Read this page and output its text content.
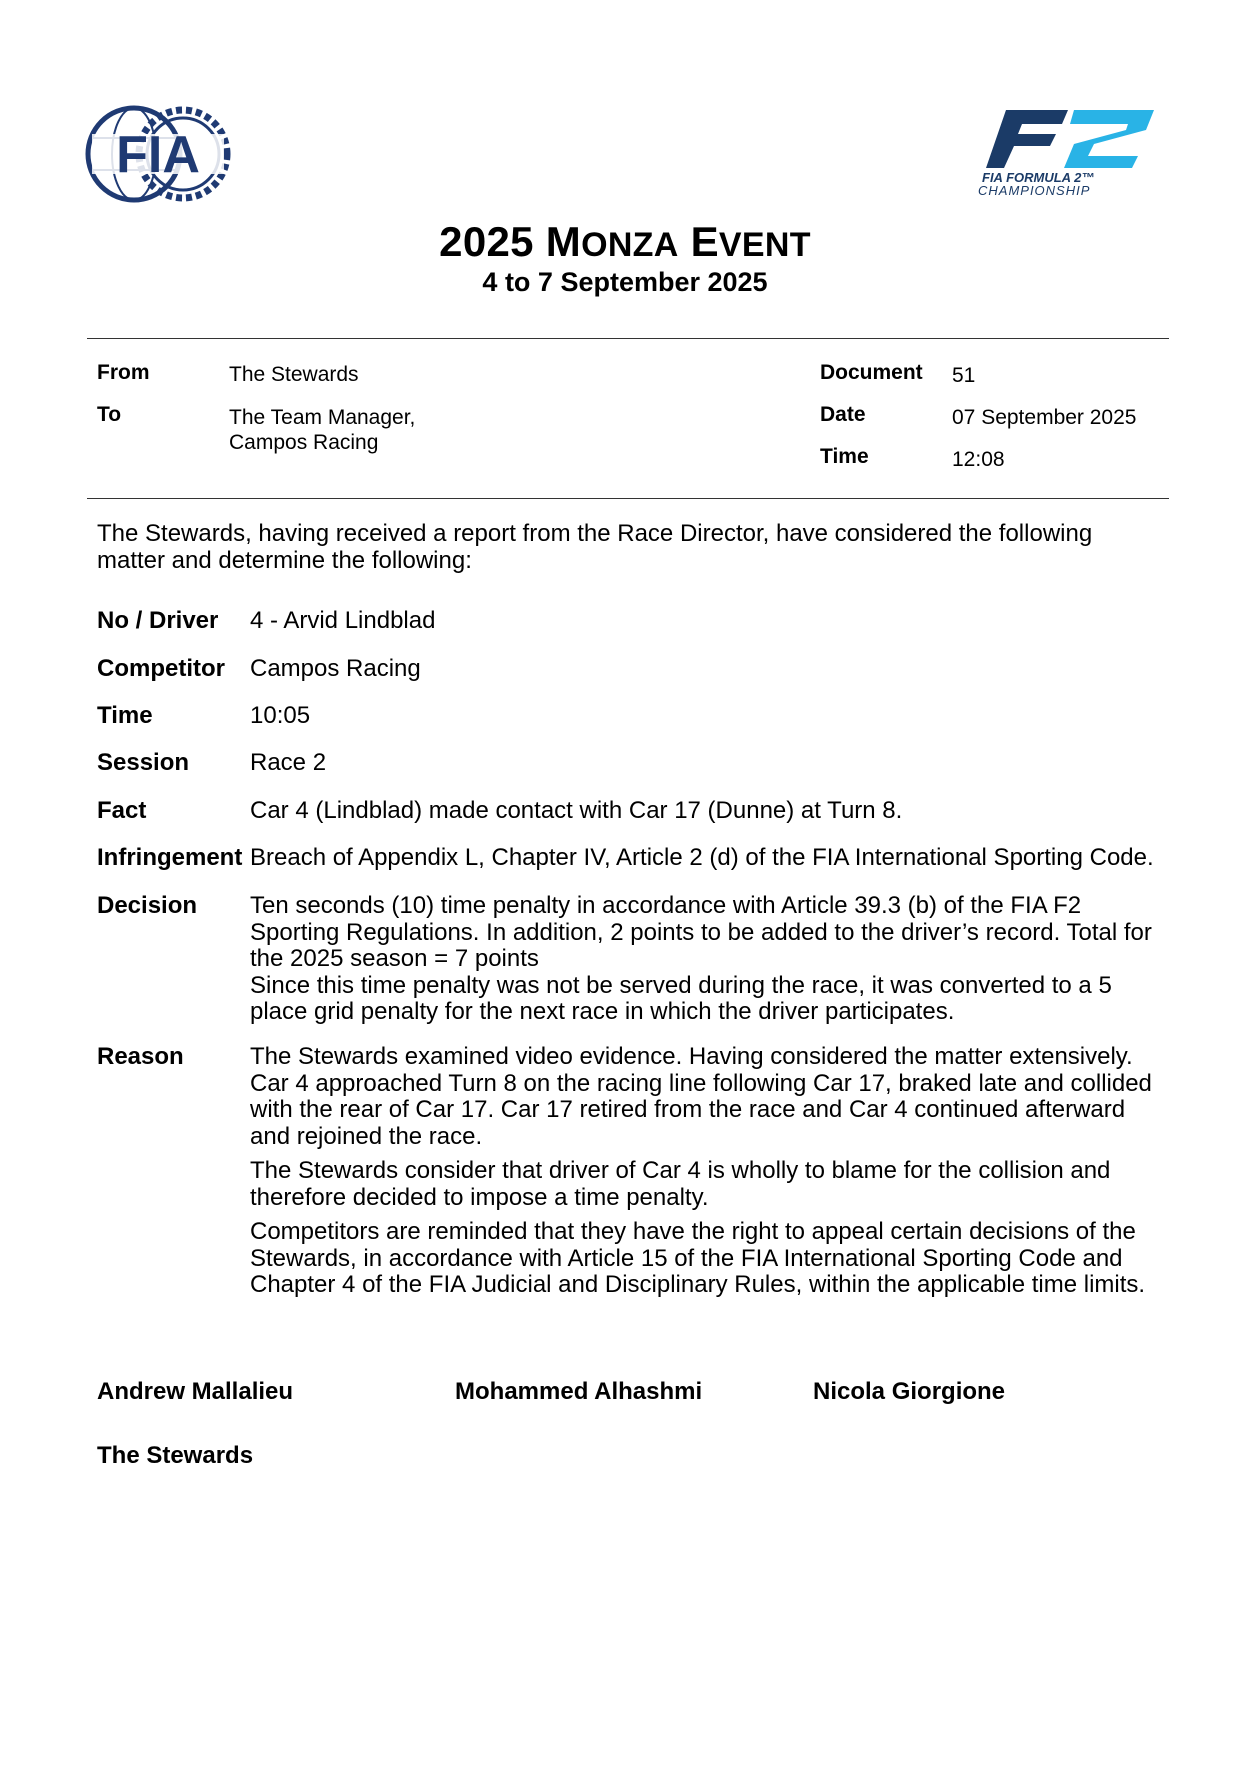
FIA	FIA FORMULA 2™
CHAMPIONSHIP
2025 MONZA EVENT
4 to 7 September 2025
From	The Stewards
To	The Team Manager,
Campos Racing
Document 51
Date	07 September 2025
Time	12:08
The Stewards, having received a report from the Race Director, have considered the following matter and determine the following:
No / Driver 4 - Arvid Lindblad
Competitor Campos Racing
Time	10:05
Session	Race 2
Fact	Car 4 (Lindblad) made contact with Car 17 (Dunne) at Turn 8.
Infringement Breach of Appendix L, Chapter IV, Article 2 (d) of the FIA International Sporting Code.
Decision Ten seconds (10) time penalty in accordance with Article 39.3 (b) of the FIA F2
Sporting Regulations. In addition, 2 points to be added to the driver’s record. Total for
the 2025 season = 7 points
Since this time penalty was not be served during the race, it was converted to a 5
place grid penalty for the next race in which the driver participates.
Reason	The Stewards examined video evidence. Having considered the matter extensively.
Car 4 approached Turn 8 on the racing line following Car 17, braked late and collided
with the rear of Car 17. Car 17 retired from the race and Car 4 continued afterward
and rejoined the race.

The Stewards consider that driver of Car 4 is wholly to blame for the collision and
therefore decided to impose a time penalty.

Competitors are reminded that they have the right to appeal certain decisions of the
Stewards, in accordance with Article 15 of the FIA International Sporting Code and
Chapter 4 of the FIA Judicial and Disciplinary Rules, within the applicable time limits.

Andrew Mallalieu	Mohammed Alhashmi	Nicola Giorgione
The Stewards
